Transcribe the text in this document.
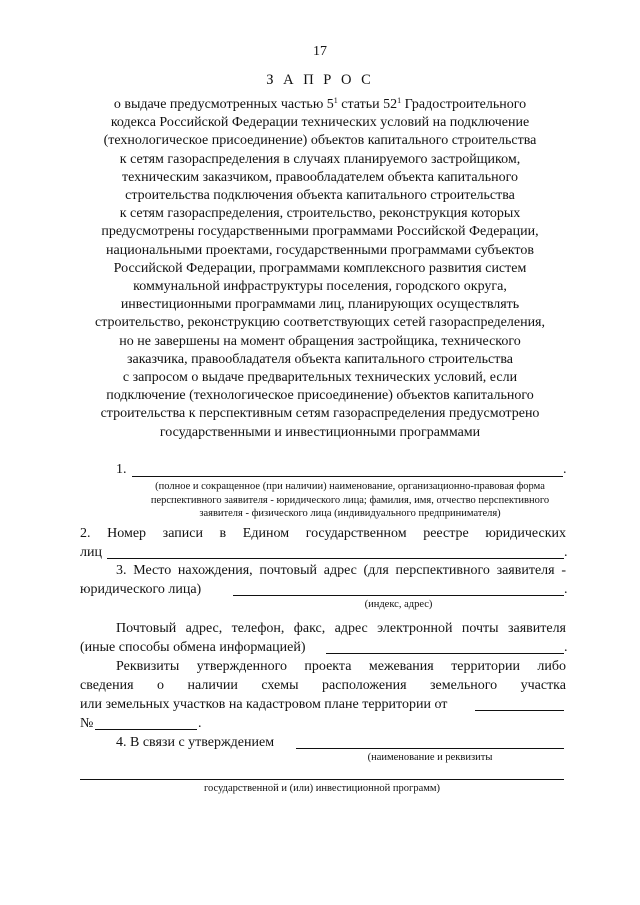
17
З А П Р О С
о выдаче предусмотренных частью $5^1$ статьи $52^1$ Градостроительного
кодекса Российской Федерации технических условий на подключение
(технологическое присоединение) объектов капитального строительства
к сетям газораспределения в случаях планируемого застройщиком,
техническим заказчиком, правообладателем объекта капитального
строительства подключения объекта капитального строительства
к сетям газораспределения, строительство, реконструкция которых
предусмотрены государственными программами Российской Федерации,
национальными проектами, государственными программами субъектов
Российской Федерации, программами комплексного развития систем
коммунальной инфраструктуры поселения, городского округа,
инвестиционными программами лиц, планирующих осуществлять
строительство, реконструкцию соответствующих сетей газораспределения,
но не завершены на момент обращения застройщика, технического
заказчика, правообладателя объекта капитального строительства
с запросом о выдаче предварительных технических условий, если
подключение (технологическое присоединение) объектов капитального
строительства к перспективным сетям газораспределения предусмотрено
государственными и инвестиционными программами
1.	.
(полное и сокращенное (при наличии) наименование, организационно-правовая форма
перспективного заявителя - юридического лица; фамилия, имя, отчество перспективного
заявителя - физического лица (индивидуального предпринимателя)
2. Номер записи в Едином государственном реестре юридических
лиц	.
3. Место нахождения, почтовый адрес (для перспективного заявителя -
юридического лица)	.
(индекс, адрес)
Почтовый адрес, телефон, факс, адрес электронной почты заявителя
(иные способы обмена информацией)	.
Реквизиты утвержденного проекта межевания территории либо
сведения о наличии схемы расположения земельного участка
или земельных участков на кадастровом плане территории от
№	.
4. В связи с утверждением
(наименование и реквизиты
государственной и (или) инвестиционной программ)
